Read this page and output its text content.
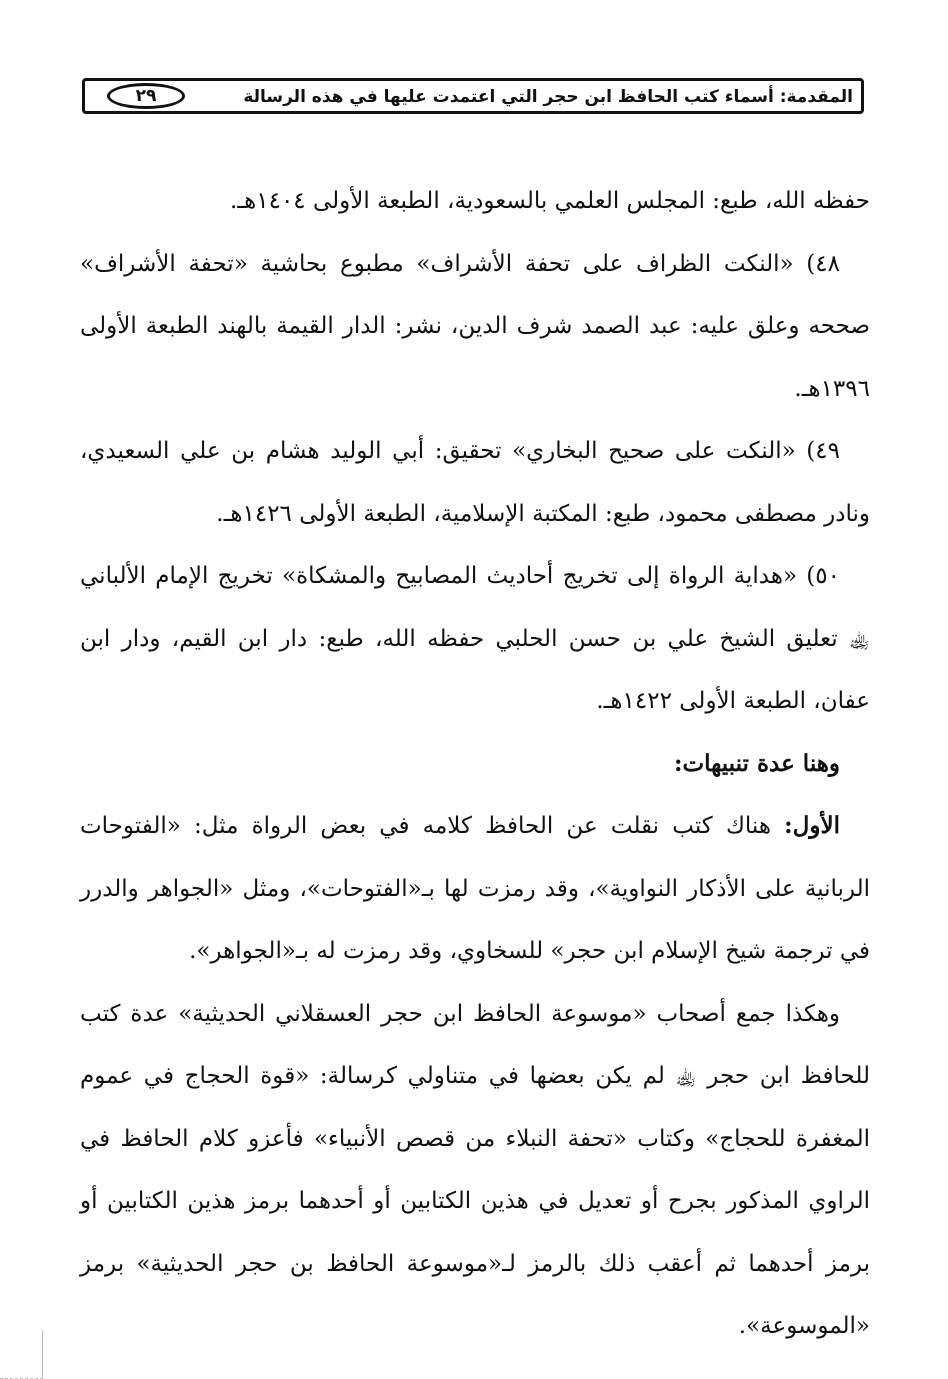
المقدمة: أسماء كتب الحافظ ابن حجر التي اعتمدت عليها في هذه الرسالة
٢٩

حفظه الله، طبع: المجلس العلمي بالسعودية، الطبعة الأولى ١٤٠٤هـ.

٤٨) «النكت الظراف على تحفة الأشراف» مطبوع بحاشية «تحفة الأشراف» صححه وعلق عليه: عبد الصمد شرف الدين، نشر: الدار القيمة بالهند الطبعة الأولى ١٣٩٦هـ.

٤٩) «النكت على صحيح البخاري» تحقيق: أبي الوليد هشام بن علي السعيدي، ونادر مصطفى محمود، طبع: المكتبة الإسلامية، الطبعة الأولى ١٤٢٦هـ.

٥٠) «هداية الرواة إلى تخريج أحاديث المصابيح والمشكاة» تخريج الإمام الألباني ﵀ تعليق الشيخ علي بن حسن الحلبي حفظه الله، طبع: دار ابن القيم، ودار ابن عفان، الطبعة الأولى ١٤٢٢هـ.

وهنا عدة تنبيهات:

الأول: هناك كتب نقلت عن الحافظ كلامه في بعض الرواة مثل: «الفتوحات الربانية على الأذكار النواوية»، وقد رمزت لها بـ«الفتوحات»، ومثل «الجواهر والدرر في ترجمة شيخ الإسلام ابن حجر» للسخاوي، وقد رمزت له بـ«الجواهر».

وهكذا جمع أصحاب «موسوعة الحافظ ابن حجر العسقلاني الحديثية» عدة كتب للحافظ ابن حجر ﵀ لم يكن بعضها في متناولي كرسالة: «قوة الحجاج في عموم المغفرة للحجاج» وكتاب «تحفة النبلاء من قصص الأنبياء» فأعزو كلام الحافظ في الراوي المذكور بجرح أو تعديل في هذين الكتابين أو أحدهما برمز هذين الكتابين أو برمز أحدهما ثم أعقب ذلك بالرمز لـ«موسوعة الحافظ بن حجر الحديثية» برمز «الموسوعة».
